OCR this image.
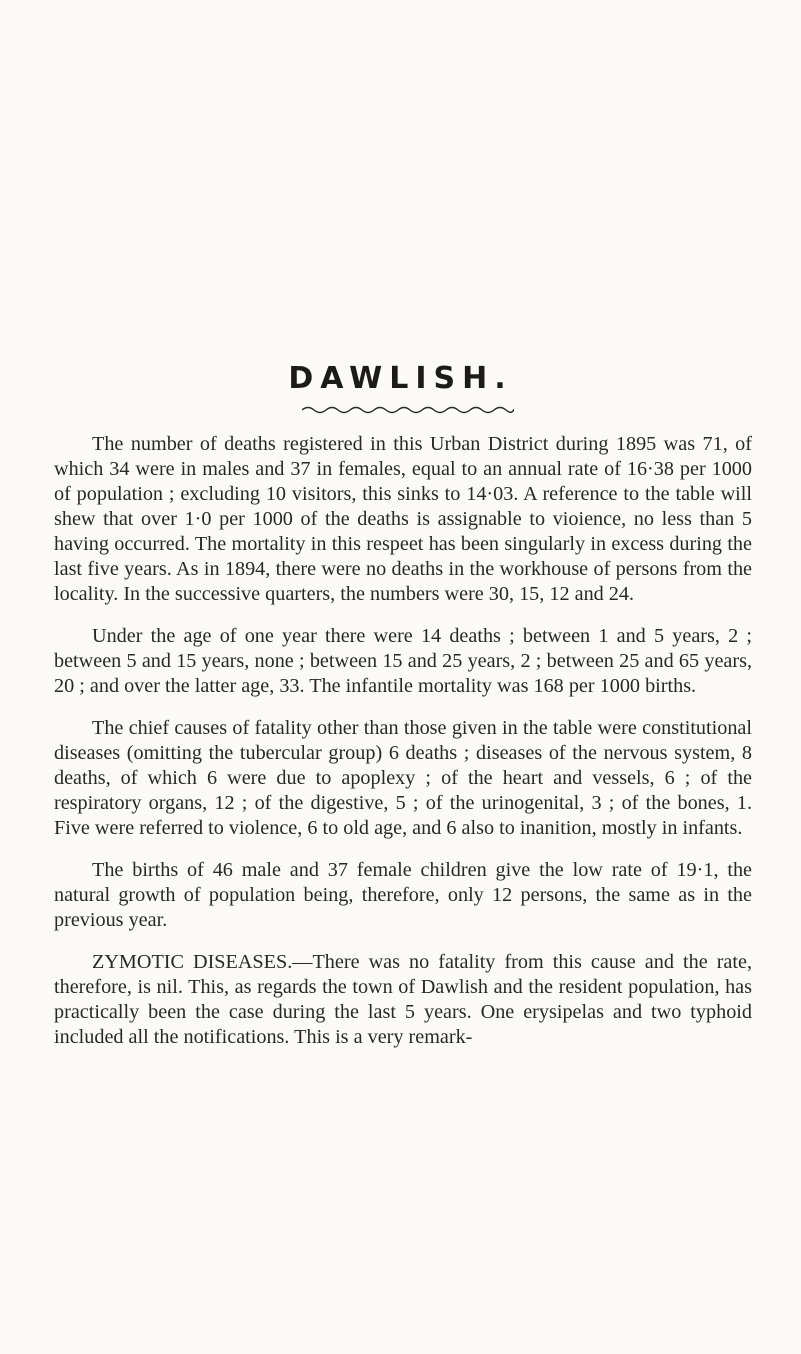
DAWLISH.

The number of deaths registered in this Urban District during 1895 was 71, of which 34 were in males and 37 in females, equal to an annual rate of 16·38 per 1000 of population ; excluding 10 visitors, this sinks to 14·03. A reference to the table will shew that over 1·0 per 1000 of the deaths is assignable to vioience, no less than 5 having occurred. The mortality in this respeet has been singularly in excess during the last five years. As in 1894, there were no deaths in the workhouse of persons from the locality. In the successive quarters, the numbers were 30, 15, 12 and 24.

Under the age of one year there were 14 deaths ; between 1 and 5 years, 2 ; between 5 and 15 years, none ; between 15 and 25 years, 2 ; between 25 and 65 years, 20 ; and over the latter age, 33. The infantile mortality was 168 per 1000 births.

The chief causes of fatality other than those given in the table were constitutional diseases (omitting the tubercular group) 6 deaths ; diseases of the nervous system, 8 deaths, of which 6 were due to apoplexy ; of the heart and vessels, 6 ; of the respiratory organs, 12 ; of the digestive, 5 ; of the urinogenital, 3 ; of the bones, 1. Five were referred to violence, 6 to old age, and 6 also to inanition, mostly in infants.

The births of 46 male and 37 female children give the low rate of 19·1, the natural growth of population being, therefore, only 12 persons, the same as in the previous year.

ZYMOTIC DISEASES.—There was no fatality from this cause and the rate, therefore, is nil. This, as regards the town of Dawlish and the resident population, has practically been the case during the last 5 years. One erysipelas and two typhoid included all the notifications. This is a very remark-
